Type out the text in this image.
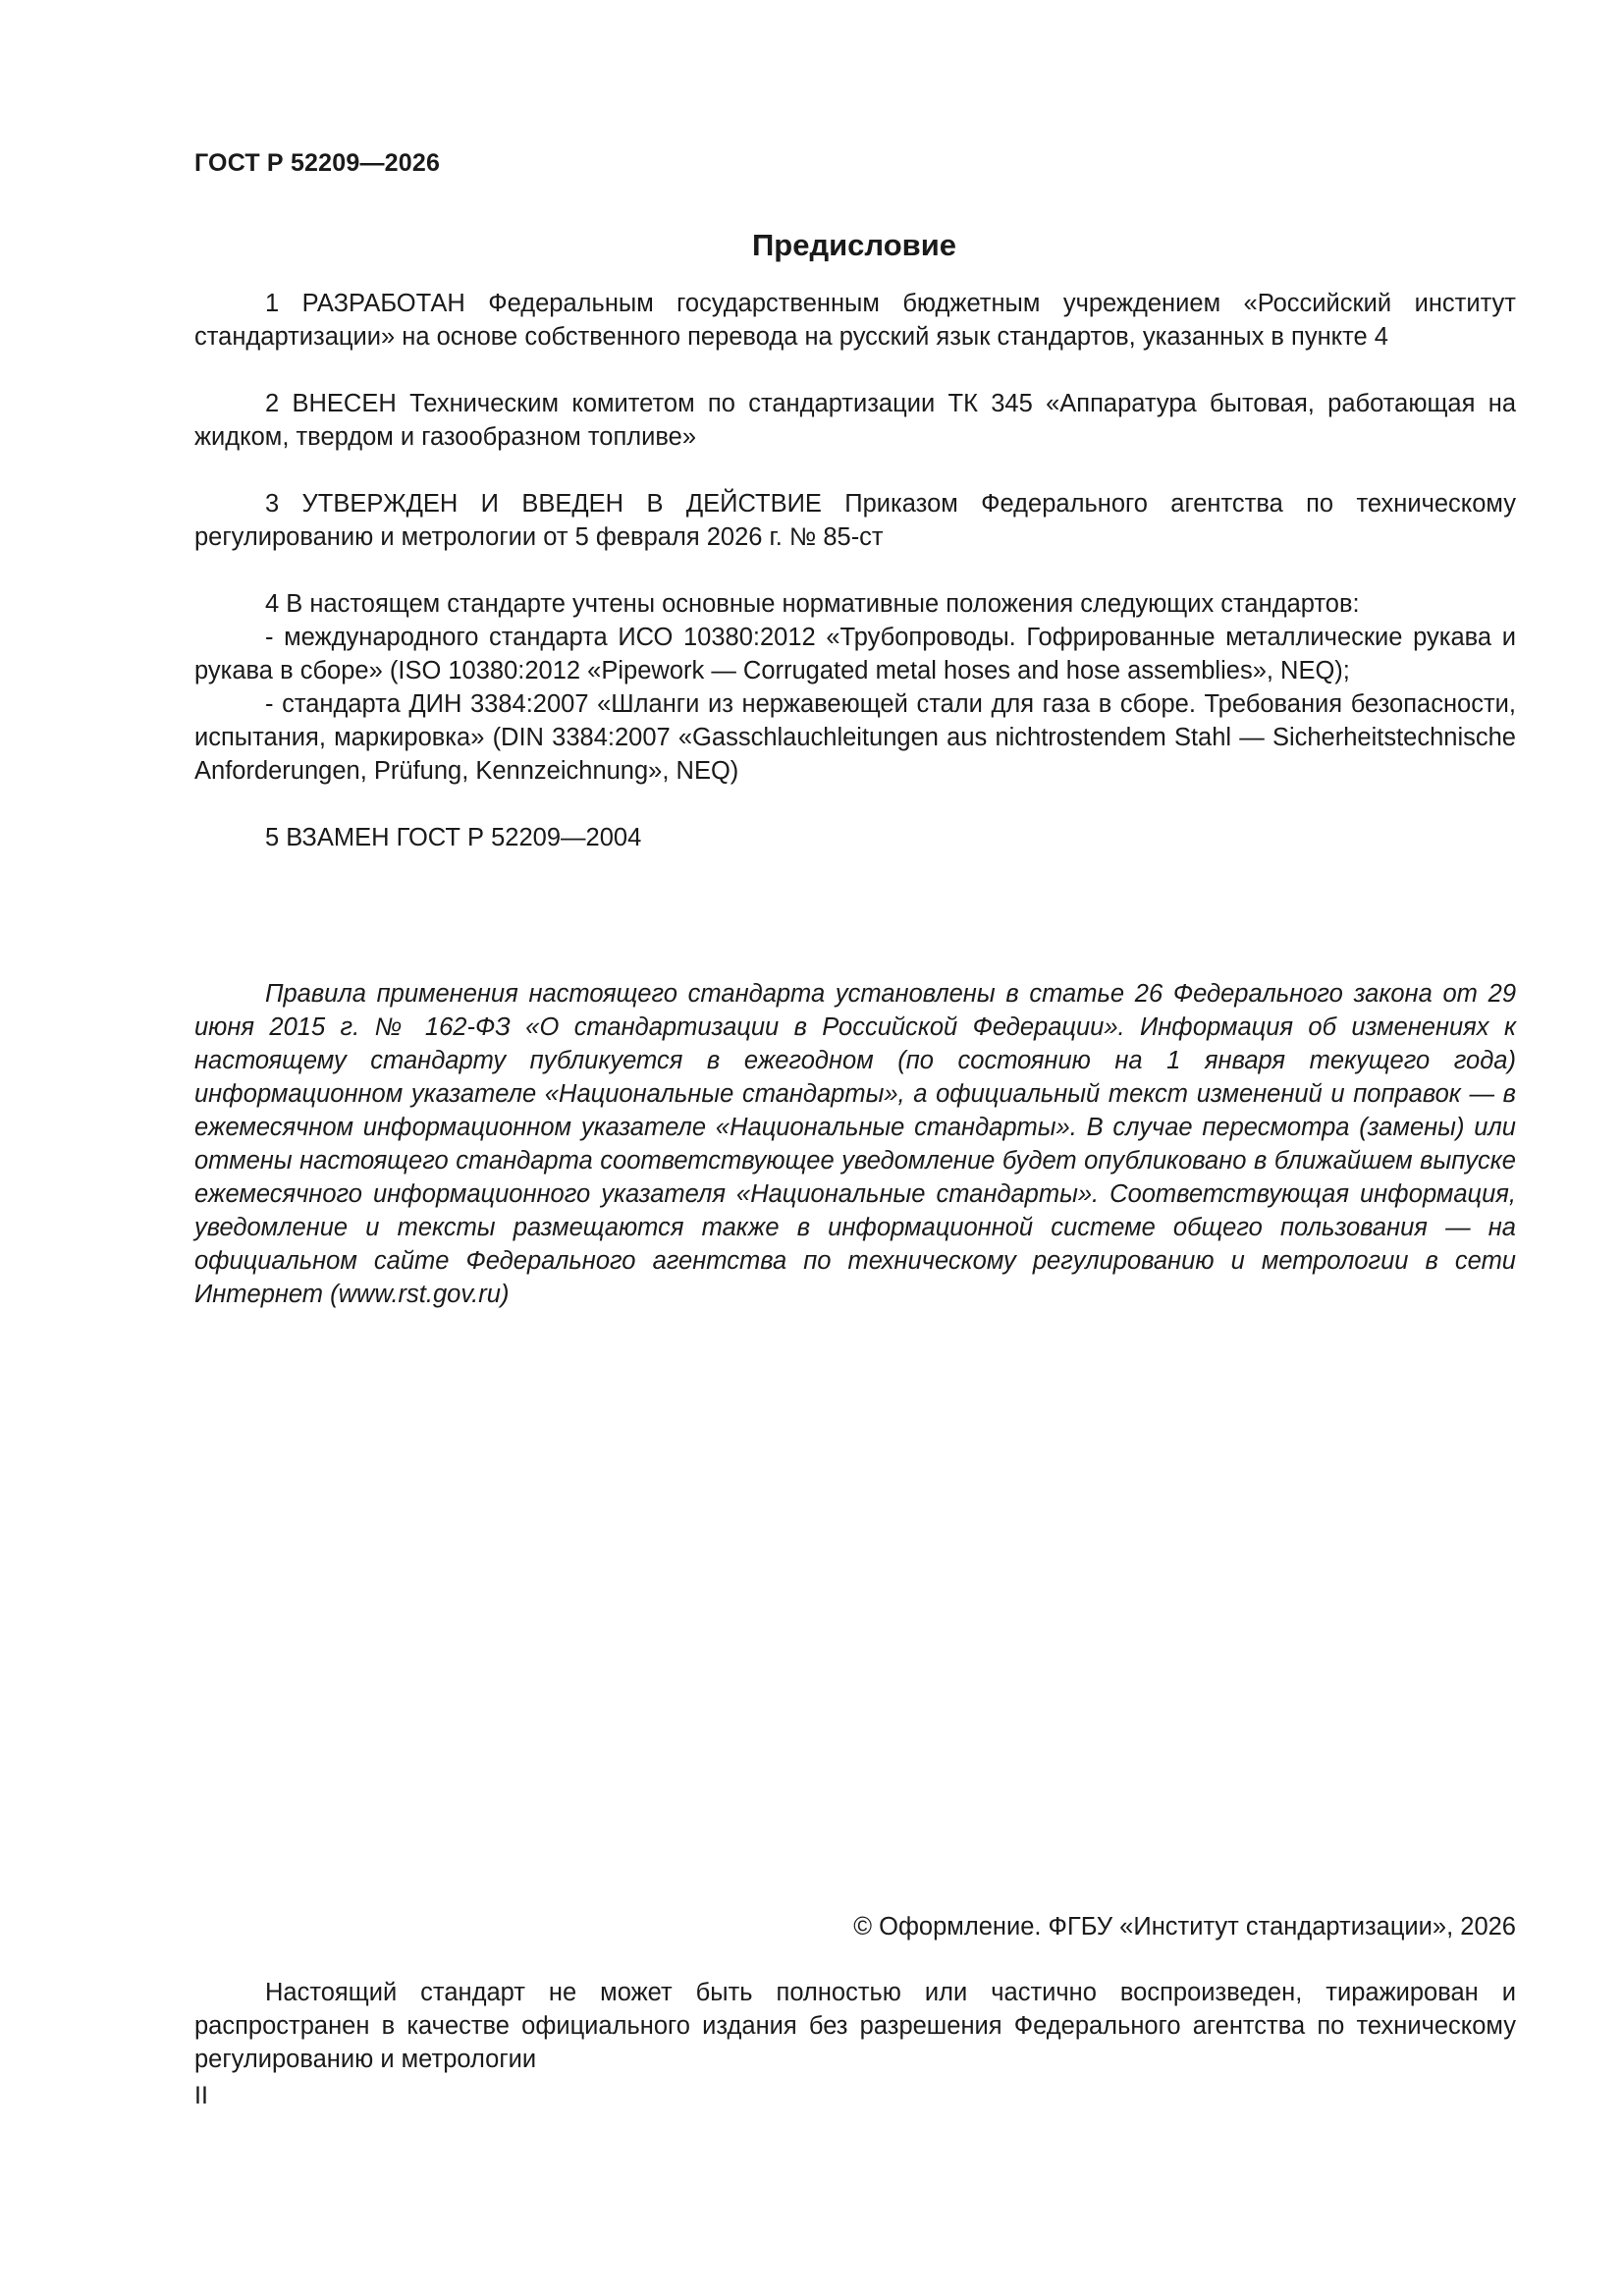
ГОСТ Р 52209—2026
Предисловие

1 РАЗРАБОТАН Федеральным государственным бюджетным учреждением «Российский институт стандартизации» на основе собственного перевода на русский язык стандартов, указанных в пункте 4

2 ВНЕСЕН Техническим комитетом по стандартизации ТК 345 «Аппаратура бытовая, работающая на жидком, твердом и газообразном топливе»

3 УТВЕРЖДЕН И ВВЕДЕН В ДЕЙСТВИЕ Приказом Федерального агентства по техническому регулированию и метрологии от 5 февраля 2026 г. № 85-ст

4 В настоящем стандарте учтены основные нормативные положения следующих стандартов:

- международного стандарта ИСО 10380:2012 «Трубопроводы. Гофрированные металлические рукава и рукава в сборе» (ISO 10380:2012 «Pipework — Corrugated metal hoses and hose assemblies», NEQ);

- стандарта ДИН 3384:2007 «Шланги из нержавеющей стали для газа в сборе. Требования безопасности, испытания, маркировка» (DIN 3384:2007 «Gasschlauchleitungen aus nichtrostendem Stahl — Sicherheitstechnische Anforderungen, Prüfung, Kennzeichnung», NEQ)

5 ВЗАМЕН ГОСТ Р 52209—2004

Правила применения настоящего стандарта установлены в статье 26 Федерального закона от 29 июня 2015 г. № 162-ФЗ «О стандартизации в Российской Федерации». Информация об изменениях к настоящему стандарту публикуется в ежегодном (по состоянию на 1 января текущего года) информационном указателе «Национальные стандарты», а официальный текст изменений и поправок — в ежемесячном информационном указателе «Национальные стандарты». В случае пересмотра (замены) или отмены настоящего стандарта соответствующее уведомление будет опубликовано в ближайшем выпуске ежемесячного информационного указателя «Национальные стандарты». Соответствующая информация, уведомление и тексты размещаются также в информационной системе общего пользования — на официальном сайте Федерального агентства по техническому регулированию и метрологии в сети Интернет (www.rst.gov.ru)

© Оформление. ФГБУ «Институт стандартизации», 2026

Настоящий стандарт не может быть полностью или частично воспроизведен, тиражирован и распространен в качестве официального издания без разрешения Федерального агентства по техническому регулированию и метрологии

II
